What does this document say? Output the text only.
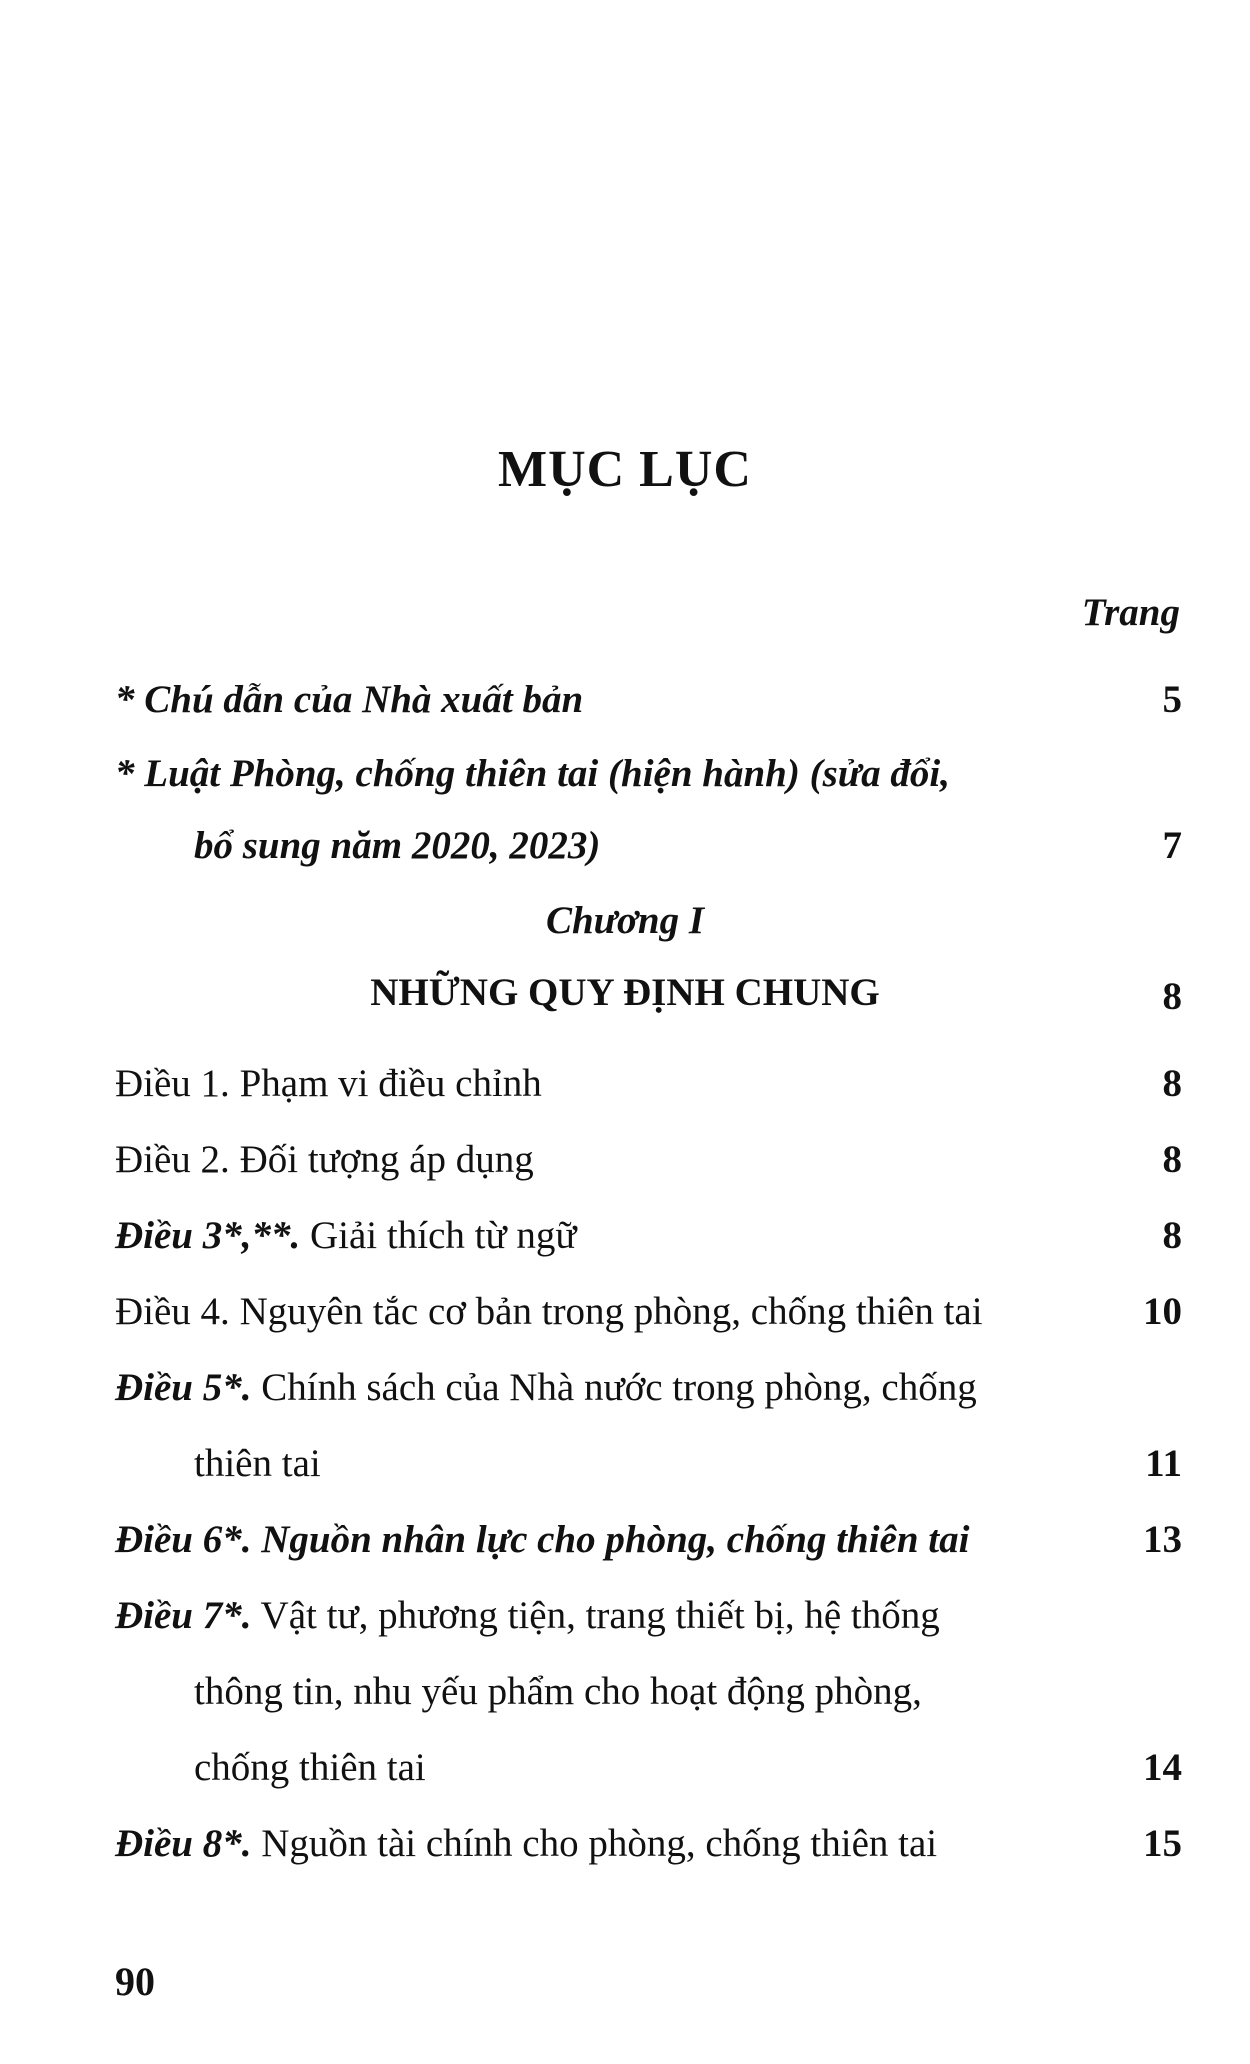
MỤC LỤC
Trang
* Chú dẫn của Nhà xuất bản	5
* Luật Phòng, chống thiên tai (hiện hành) (sửa đổi,
bổ sung năm 2020, 2023)	7
Chương I
NHỮNG QUY ĐỊNH CHUNG	8
Điều 1. Phạm vi điều chỉnh	8
Điều 2. Đối tượng áp dụng	8
Điều 3*,**. Giải thích từ ngữ	8
Điều 4. Nguyên tắc cơ bản trong phòng, chống thiên tai	10
Điều 5*. Chính sách của Nhà nước trong phòng, chống
thiên tai	11
Điều 6*. Nguồn nhân lực cho phòng, chống thiên tai	13
Điều 7*. Vật tư, phương tiện, trang thiết bị, hệ thống
thông tin, nhu yếu phẩm cho hoạt động phòng,
chống thiên tai	14
Điều 8*. Nguồn tài chính cho phòng, chống thiên tai	15
90
